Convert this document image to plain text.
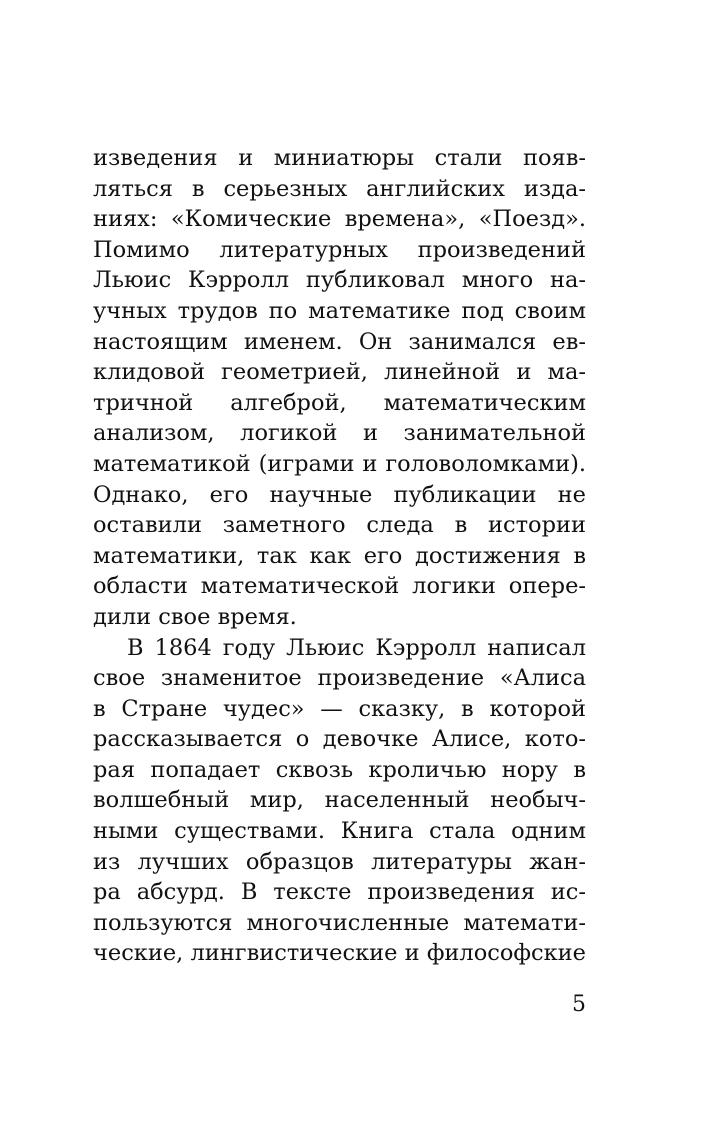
изведения и миниатюры стали появ-
ляться в серьезных английских изда-
ниях: «Комические времена», «Поезд».
Помимо литературных произведений
Льюис Кэрролл публиковал много на-
учных трудов по математике под своим
настоящим именем. Он занимался ев-
клидовой геометрией, линейной и ма-
тричной алгеброй, математическим
анализом, логикой и занимательной
математикой (играми и головоломками).
Однако, его научные публикации не
оставили заметного следа в истории
математики, так как его достижения в
области математической логики опере-
дили свое время.
В 1864 году Льюис Кэрролл написал
свое знаменитое произведение «Алиса
в Стране чудес» — сказку, в которой
рассказывается о девочке Алисе, кото-
рая попадает сквозь кроличью нору в
волшебный мир, населенный необыч-
ными существами. Книга стала одним
из лучших образцов литературы жан-
ра абсурд. В тексте произведения ис-
пользуются многочисленные математи-
ческие, лингвистические и философские
5
